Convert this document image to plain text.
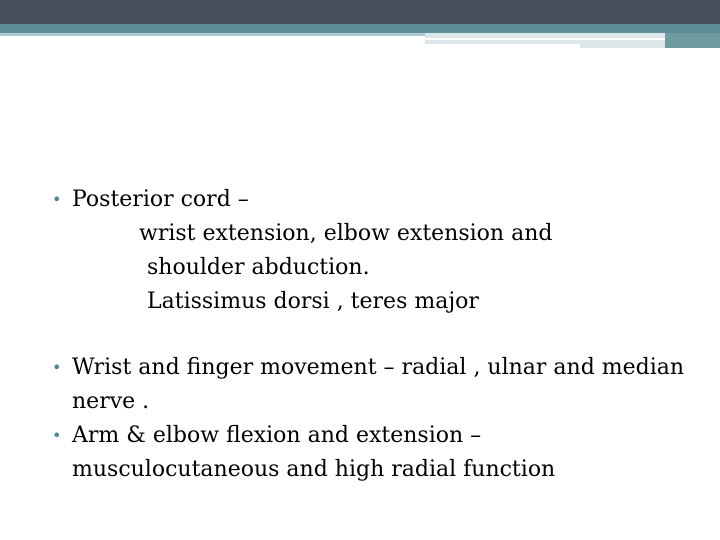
• Posterior cord –
wrist extension, elbow extension and
shoulder abduction.
Latissimus dorsi , teres major
• Wrist and finger movement – radial , ulnar and median nerve .
• Arm & elbow flexion and extension – musculocutaneous and high radial function
